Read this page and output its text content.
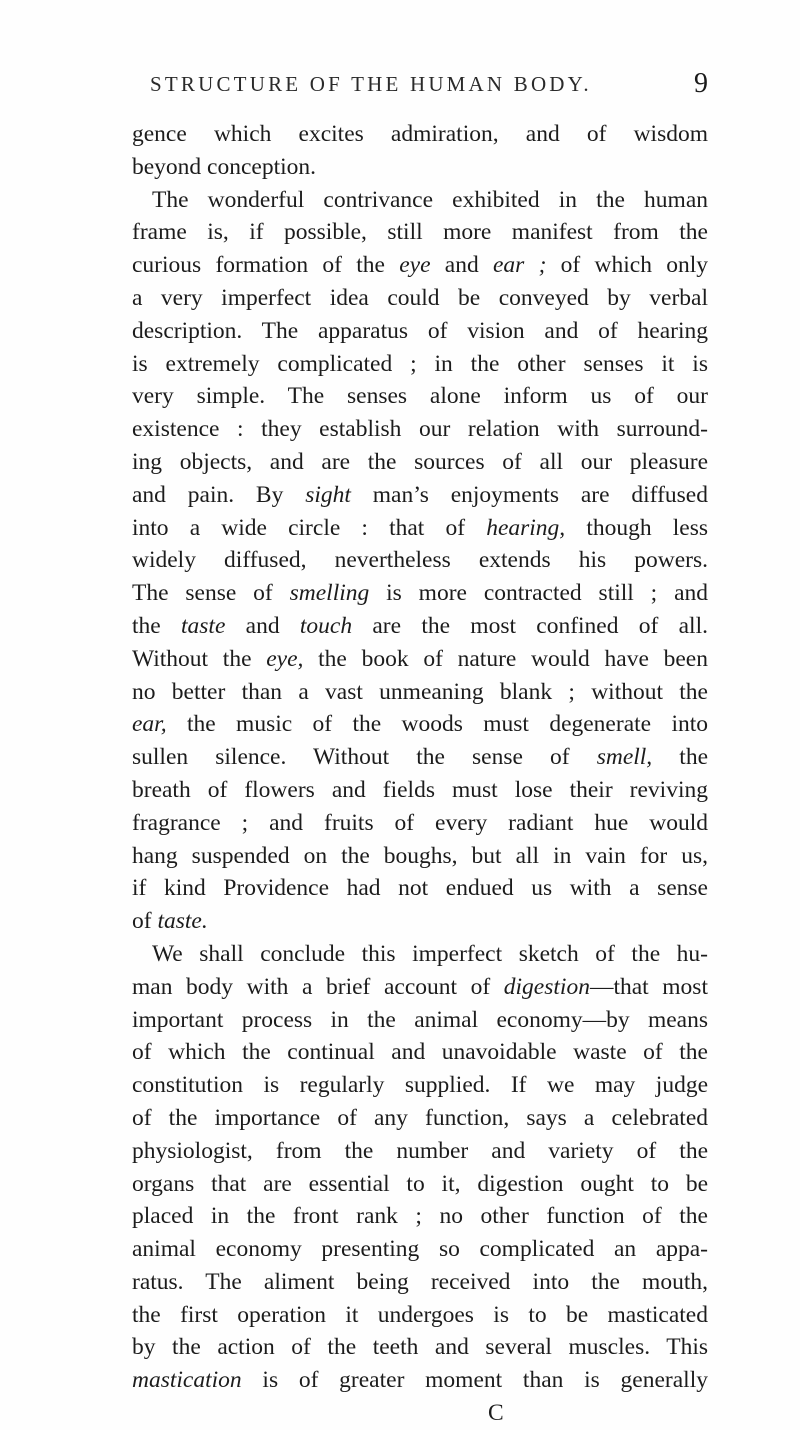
STRUCTURE OF THE HUMAN BODY.	9
gence which excites admiration, and of wisdom
beyond conception.
The wonderful contrivance exhibited in the human
frame is, if possible, still more manifest from the
curious formation of the eye and ear ; of which only
a very imperfect idea could be conveyed by verbal
description. The apparatus of vision and of hearing
is extremely complicated ; in the other senses it is
very simple. The senses alone inform us of our
existence : they establish our relation with surround-
ing objects, and are the sources of all our pleasure
and pain. By sight man’s enjoyments are diffused
into a wide circle : that of hearing, though less
widely diffused, nevertheless extends his powers.
The sense of smelling is more contracted still ; and
the taste and touch are the most confined of all.
Without the eye, the book of nature would have been
no better than a vast unmeaning blank ; without the
ear, the music of the woods must degenerate into
sullen silence. Without the sense of smell, the
breath of flowers and fields must lose their reviving
fragrance ; and fruits of every radiant hue would
hang suspended on the boughs, but all in vain for us,
if kind Providence had not endued us with a sense
of taste.
We shall conclude this imperfect sketch of the hu-
man body with a brief account of digestion—that most
important process in the animal economy—by means
of which the continual and unavoidable waste of the
constitution is regularly supplied. If we may judge
of the importance of any function, says a celebrated
physiologist, from the number and variety of the
organs that are essential to it, digestion ought to be
placed in the front rank ; no other function of the
animal economy presenting so complicated an appa-
ratus. The aliment being received into the mouth,
the first operation it undergoes is to be masticated
by the action of the teeth and several muscles. This
mastication is of greater moment than is generally
C
